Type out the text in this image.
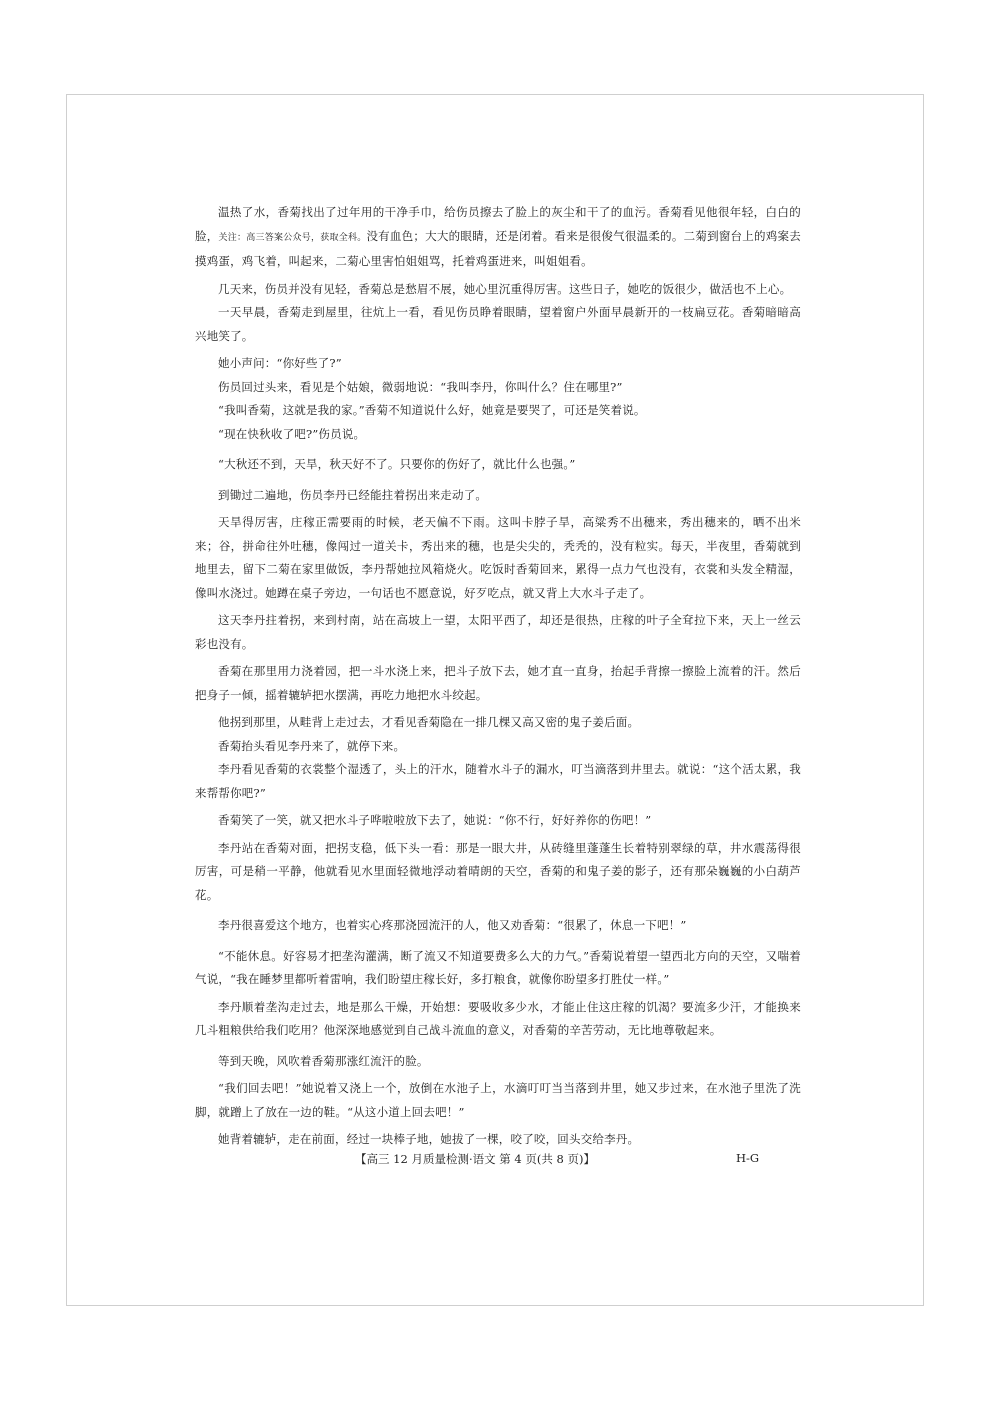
温热了水，香菊找出了过年用的干净手巾，给伤员擦去了脸上的灰尘和干了的血污。香菊看见他很年轻，白白的脸，关注：高三答案公众号，获取全科。没有血色；大大的眼睛，还是闭着。看来是很俊气很温柔的。二菊到窗台上的鸡案去摸鸡蛋，鸡飞着，叫起来，二菊心里害怕姐姐骂，托着鸡蛋进来，叫姐姐看。

几天来，伤员并没有见轻，香菊总是愁眉不展，她心里沉重得厉害。这些日子，她吃的饭很少，做活也不上心。

一天早晨，香菊走到屋里，往炕上一看，看见伤员睁着眼睛，望着窗户外面早晨新开的一枝扁豆花。香菊暗暗高兴地笑了。

她小声问：“你好些了?”

伤员回过头来，看见是个姑娘，微弱地说：“我叫李丹，你叫什么？住在哪里?”

“我叫香菊，这就是我的家。”香菊不知道说什么好，她竟是要哭了，可还是笑着说。

“现在快秋收了吧?”伤员说。

“大秋还不到，天旱，秋天好不了。只要你的伤好了，就比什么也强。”

到锄过二遍地，伤员李丹已经能拄着拐出来走动了。

天旱得厉害，庄稼正需要雨的时候，老天偏不下雨。这叫卡脖子旱，高粱秀不出穗来，秀出穗来的，晒不出米来；谷，拼命往外吐穗，像闯过一道关卡，秀出来的穗，也是尖尖的，秃秃的，没有粒实。每天，半夜里，香菊就到地里去，留下二菊在家里做饭，李丹帮她拉风箱烧火。吃饭时香菊回来，累得一点力气也没有，衣裳和头发全精湿，像叫水浇过。她蹲在桌子旁边，一句话也不愿意说，好歹吃点，就又背上大水斗子走了。

这天李丹拄着拐，来到村南，站在高坡上一望，太阳平西了，却还是很热，庄稼的叶子全耷拉下来，天上一丝云彩也没有。

香菊在那里用力浇着园，把一斗水浇上来，把斗子放下去，她才直一直身，抬起手背擦一擦脸上流着的汗。然后把身子一倾，摇着辘轳把水摆满，再吃力地把水斗绞起。

他拐到那里，从畦背上走过去，才看见香菊隐在一排几棵又高又密的鬼子姜后面。

香菊抬头看见李丹来了，就停下来。

李丹看见香菊的衣裳整个湿透了，头上的汗水，随着水斗子的漏水，叮当滴落到井里去。就说：“这个活太累，我来帮帮你吧?”

香菊笑了一笑，就又把水斗子哗啦啦放下去了，她说：“你不行，好好养你的伤吧！”

李丹站在香菊对面，把拐支稳，低下头一看：那是一眼大井，从砖缝里蓬蓬生长着特别翠绿的草，井水震荡得很厉害，可是稍一平静，他就看见水里面轻微地浮动着晴朗的天空，香菊的和鬼子姜的影子，还有那朵巍巍的小白葫芦花。

李丹很喜爱这个地方，也着实心疼那浇园流汗的人，他又劝香菊：“很累了，休息一下吧！”

“不能休息。好容易才把垄沟灌满，断了流又不知道要费多么大的力气。”香菊说着望一望西北方向的天空，又喘着气说，“我在睡梦里都听着雷响，我们盼望庄稼长好，多打粮食，就像你盼望多打胜仗一样。”

李丹顺着垄沟走过去，地是那么干燥，开始想：要吸收多少水，才能止住这庄稼的饥渴？要流多少汗，才能换来几斗粗粮供给我们吃用？他深深地感觉到自己战斗流血的意义，对香菊的辛苦劳动，无比地尊敬起来。

等到天晚，风吹着香菊那涨红流汗的脸。

“我们回去吧！”她说着又浇上一个，放倒在水池子上，水滴叮叮当当落到井里，她又步过来，在水池子里洗了洗脚，就蹭上了放在一边的鞋。“从这小道上回去吧！”

她背着辘轳，走在前面，经过一块棒子地，她拔了一棵，咬了咬，回头交给李丹。

【高三 12 月质量检测·语文 第 4 页(共 8 页)】	H-G
